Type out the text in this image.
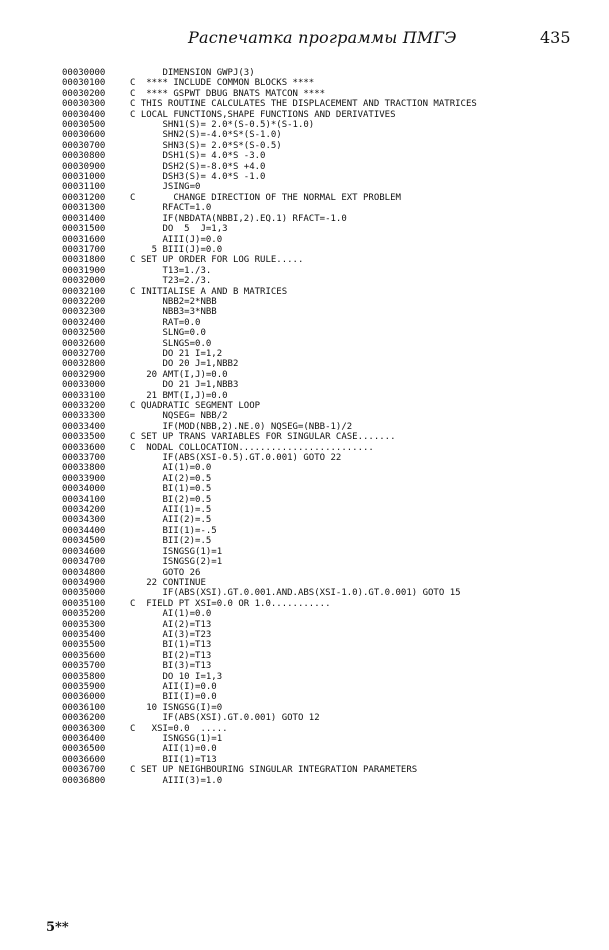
Распечатка программы ПМГЭ	435
00030000	DIMENSION GWPJ(3)
00030100	C  **** INCLUDE COMMON BLOCKS ****
00030200	C  **** GSPWT DBUG BNATS MATCON ****
00030300	C THIS ROUTINE CALCULATES THE DISPLACEMENT AND TRACTION MATRICES
00030400	C LOCAL FUNCTIONS,SHAPE FUNCTIONS AND DERIVATIVES
00030500	SHN1(S)= 2.0*(S-0.5)*(S-1.0)
00030600	SHN2(S)=-4.0*S*(S-1.0)
00030700	SHN3(S)= 2.0*S*(S-0.5)
00030800	DSH1(S)= 4.0*S -3.0
00030900	DSH2(S)=-8.0*S +4.0
00031000	DSH3(S)= 4.0*S -1.0
00031100	JSING=0
00031200	C       CHANGE DIRECTION OF THE NORMAL EXT PROBLEM
00031300	RFACT=1.0
00031400	IF(NBDATA(NBBI,2).EQ.1) RFACT=-1.0
00031500	DO  5  J=1,3
00031600	AIII(J)=0.0
00031700	5 BIII(J)=0.0
00031800	C SET UP ORDER FOR LOG RULE.....
00031900	T13=1./3.
00032000	T23=2./3.
00032100	C INITIALISE A AND B MATRICES
00032200	NBB2=2*NBB
00032300	NBB3=3*NBB
00032400	RAT=0.0
00032500	SLNG=0.0
00032600	SLNGS=0.0
00032700	DO 21 I=1,2
00032800	DO 20 J=1,NBB2
00032900	20 AMT(I,J)=0.0
00033000	DO 21 J=1,NBB3
00033100	21 BMT(I,J)=0.0
00033200	C QUADRATIC SEGMENT LOOP
00033300	NQSEG= NBB/2
00033400	IF(MOD(NBB,2).NE.0) NQSEG=(NBB-1)/2
00033500	C SET UP TRANS VARIABLES FOR SINGULAR CASE.......
00033600	C  NODAL COLLOCATION.........................
00033700	IF(ABS(XSI-0.5).GT.0.001) GOTO 22
00033800	AI(1)=0.0
00033900	AI(2)=0.5
00034000	BI(1)=0.5
00034100	BI(2)=0.5
00034200	AII(1)=.5
00034300	AII(2)=.5
00034400	BII(1)=-.5
00034500	BII(2)=.5
00034600	ISNGSG(1)=1
00034700	ISNGSG(2)=1
00034800	GOTO 26
00034900	22 CONTINUE
00035000	IF(ABS(XSI).GT.0.001.AND.ABS(XSI-1.0).GT.0.001) GOTO 15
00035100	C  FIELD PT XSI=0.0 OR 1.0...........
00035200	AI(1)=0.0
00035300	AI(2)=T13
00035400	AI(3)=T23
00035500	BI(1)=T13
00035600	BI(2)=T13
00035700	BI(3)=T13
00035800	DO 10 I=1,3
00035900	AII(I)=0.0
00036000	BII(I)=0.0
00036100	10 ISNGSG(I)=0
00036200	IF(ABS(XSI).GT.0.001) GOTO 12
00036300	C   XSI=0.0  .....
00036400	ISNGSG(1)=1
00036500	AII(1)=0.0
00036600	BII(1)=T13
00036700	C SET UP NEIGHBOURING SINGULAR INTEGRATION PARAMETERS
00036800	AIII(3)=1.0
5**
